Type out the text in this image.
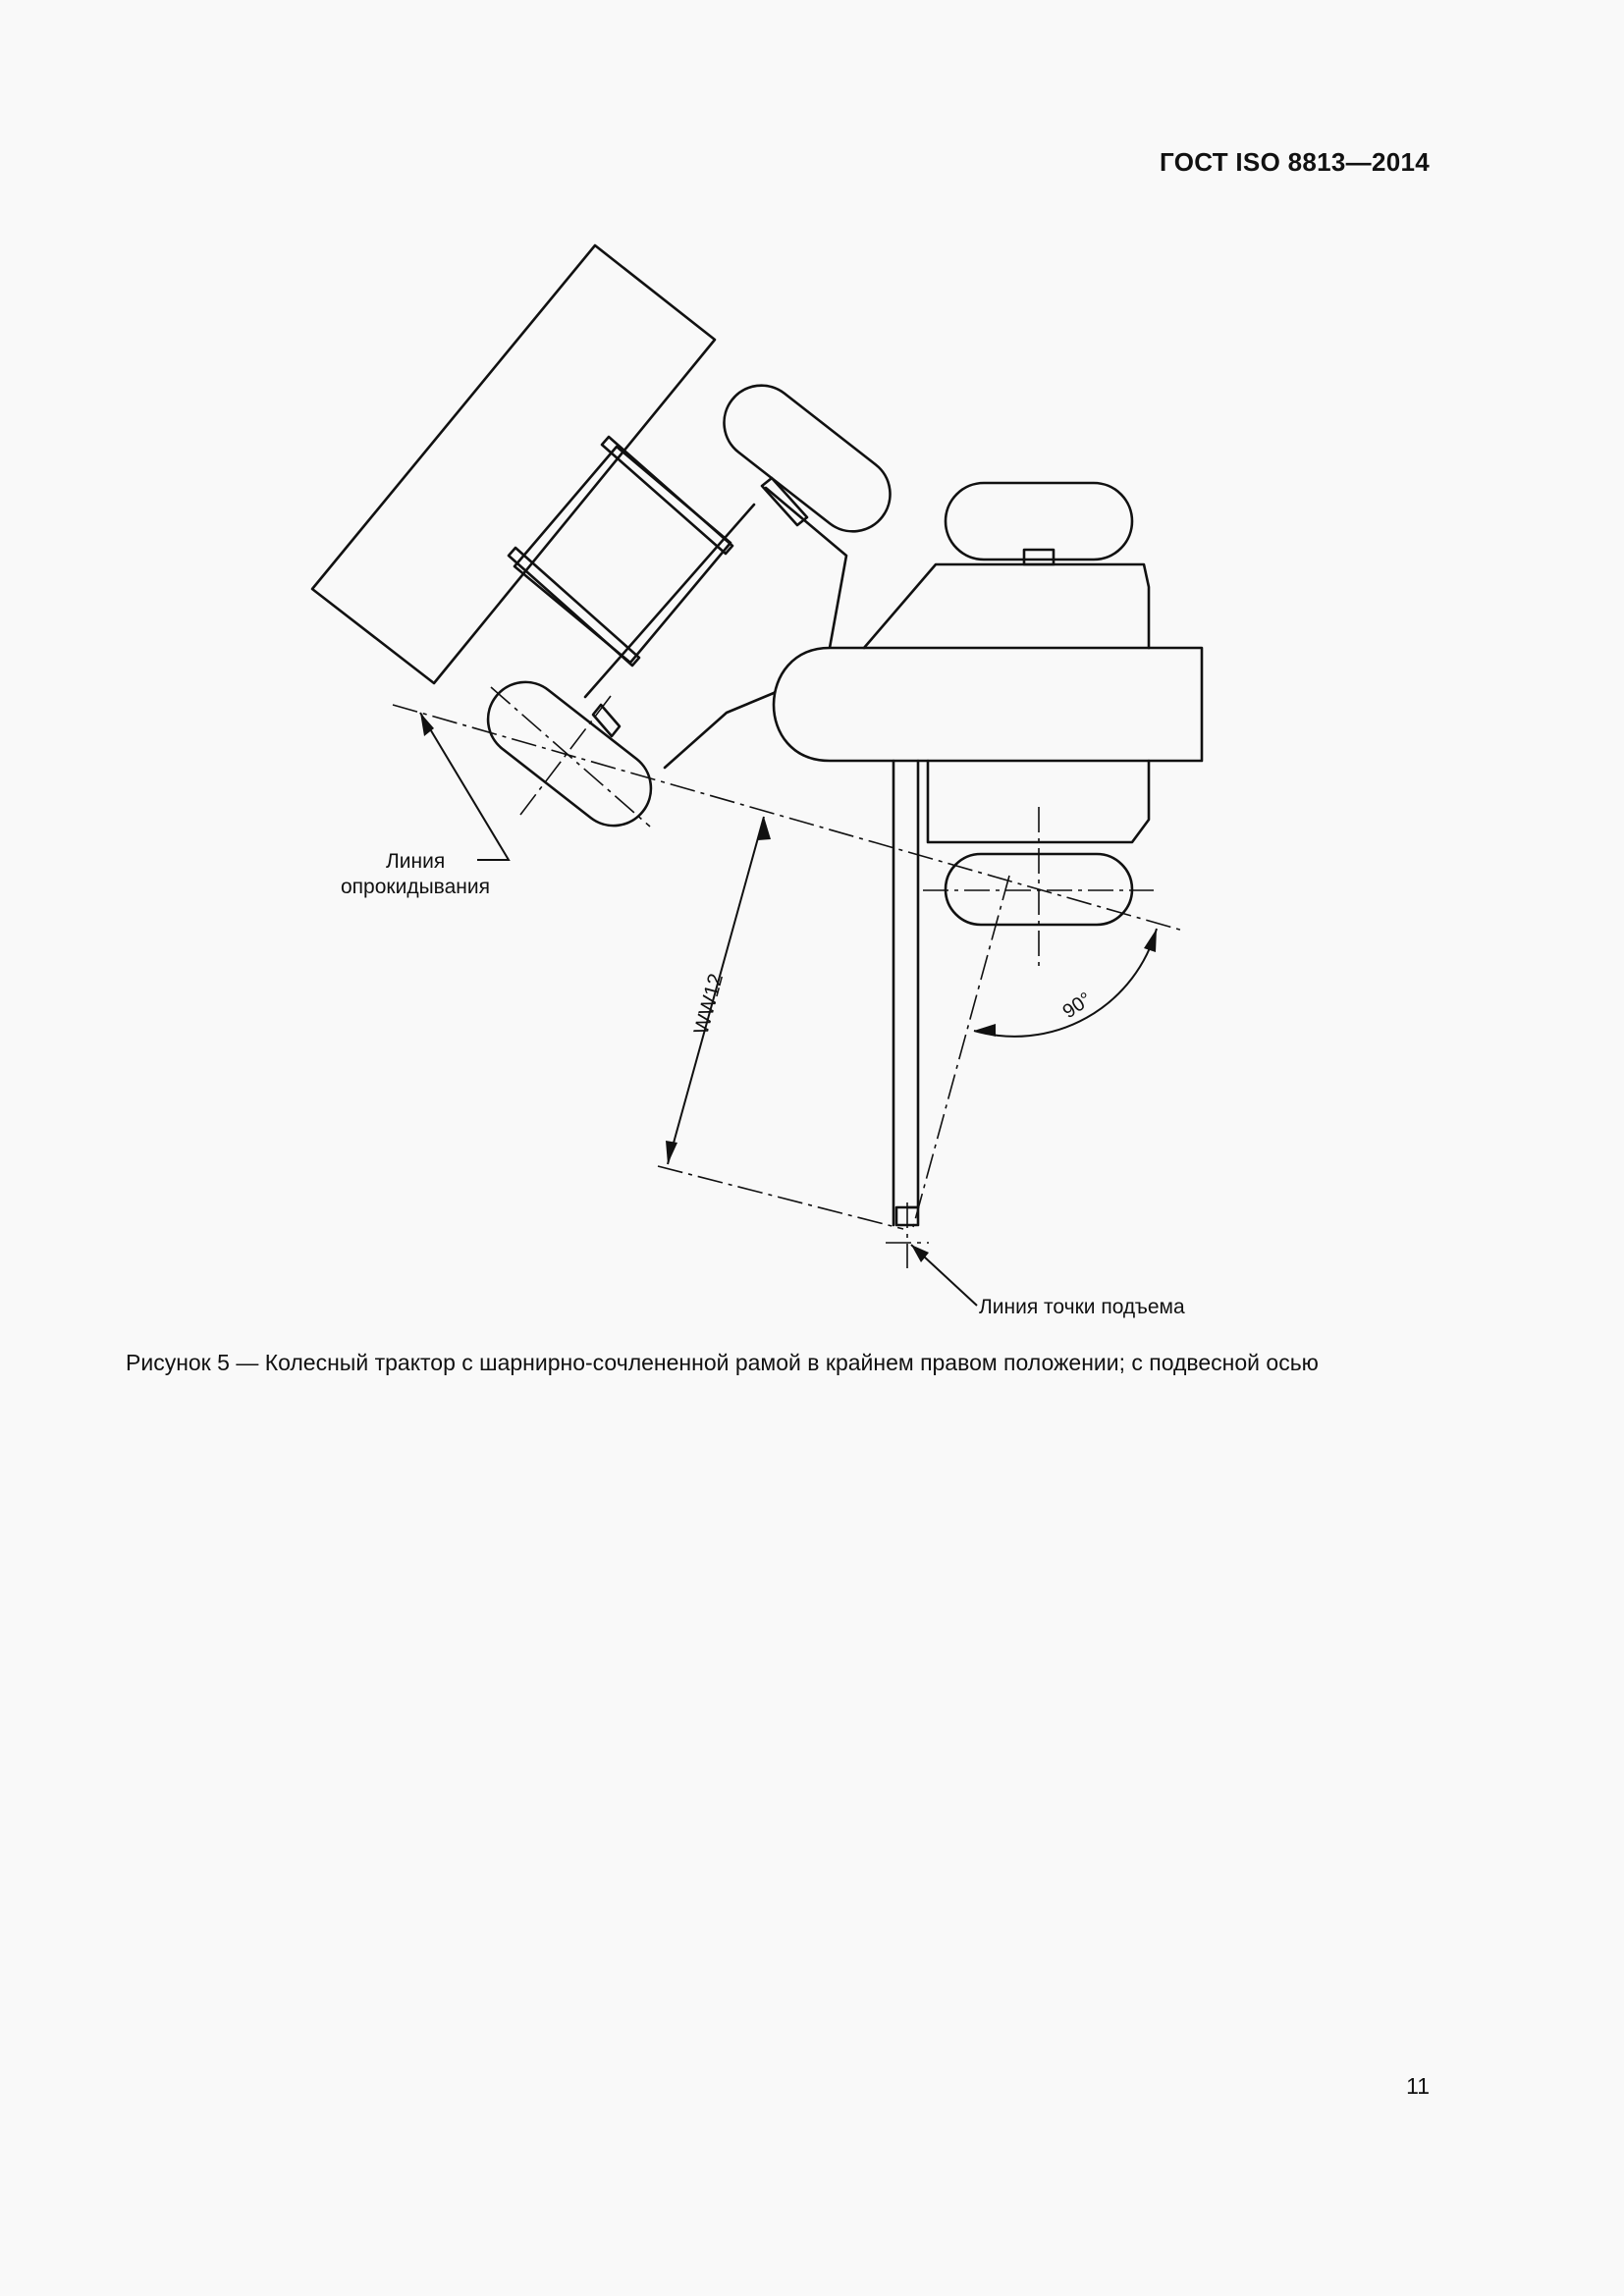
ГОСТ ISO 8813—2014
Линия
опрокидывания
WW12	90°
Линия точки подъема
Рисунок 5 — Колесный трактор с шарнирно-сочлененной рамой в крайнем правом положении; с подвесной осью
11
